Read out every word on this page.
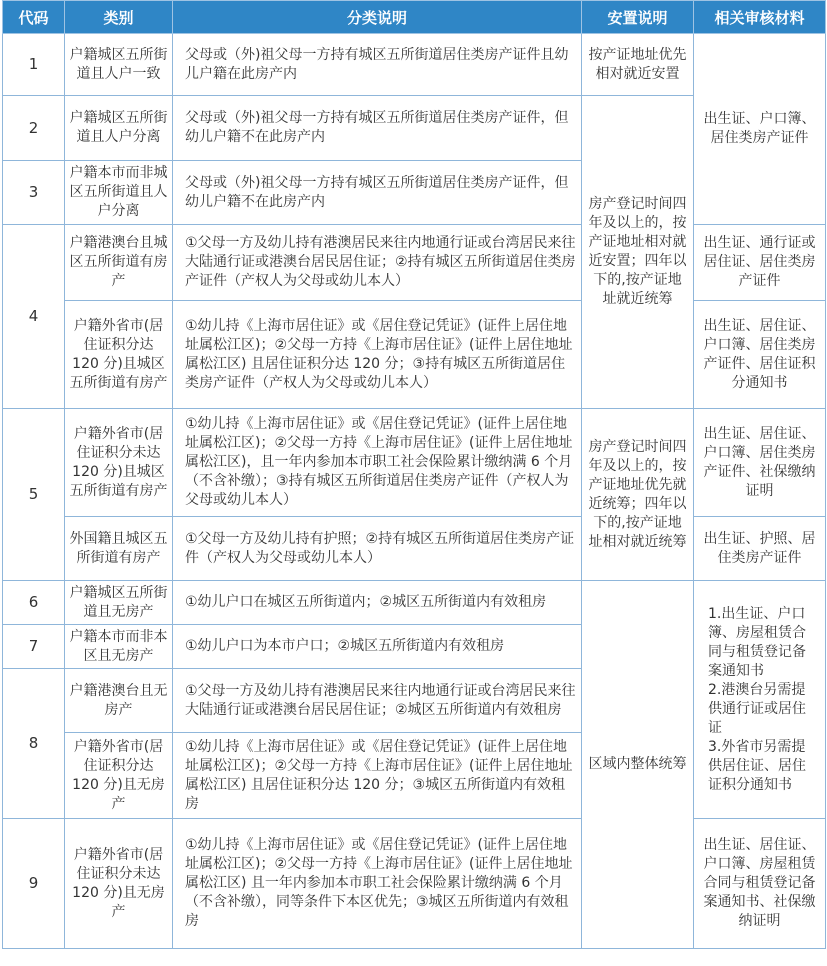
代码	类别	分类说明	安置说明	相关审核材料
1	户籍城区五所街道且人户一致	父母或（外)祖父母一方持有城区五所街道居住类房产证件且幼儿户籍在此房产内	按产证地址优先相对就近安置	出生证、户口簿、居住类房产证件
2	户籍城区五所街道且人户分离	父母或（外)祖父母一方持有城区五所街道居住类房产证件，但幼儿户籍不在此房产内	房产登记时间四年及以上的，按产证地址相对就近安置；四年以下的,按产证地址就近统筹	
3	户籍本市而非城区五所街道且人户分离	父母或（外)祖父母一方持有城区五所街道居住类房产证件，但幼儿户籍不在此房产内		
4	户籍港澳台且城区五所街道有房产	①父母一方及幼儿持有港澳居民来往内地通行证或台湾居民来往大陆通行证或港澳台居民居住证；②持有城区五所街道居住类房产证件（产权人为父母或幼儿本人）		出生证、通行证或居住证、居住类房产证件
	户籍外省市(居住证积分达 120 分)且城区五所街道有房产	①幼儿持《上海市居住证》或《居住登记凭证》(证件上居住地址属松江区)；②父母一方持《上海市居住证》(证件上居住地址属松江区) 且居住证积分达 120 分；③持有城区五所街道居住类房产证件（产权人为父母或幼儿本人）		出生证、居住证、户口簿、居住类房产证件、居住证积分通知书
5	户籍外省市(居住证积分未达 120 分)且城区五所街道有房产	①幼儿持《上海市居住证》或《居住登记凭证》(证件上居住地址属松江区)；②父母一方持《上海市居住证》(证件上居住地址属松江区)，且一年内参加本市职工社会保险累计缴纳满 6 个月（不含补缴）；③持有城区五所街道居住类房产证件（产权人为父母或幼儿本人）	房产登记时间四年及以上的，按产证地址优先就近统筹；四年以下的,按产证地址相对就近统筹	出生证、居住证、户口簿、居住类房产证件、社保缴纳证明
	外国籍且城区五所街道有房产	①父母一方及幼儿持有护照；②持有城区五所街道居住类房产证件（产权人为父母或幼儿本人）		出生证、护照、居住类房产证件
6	户籍城区五所街道且无房产	①幼儿户口在城区五所街道内；②城区五所街道内有效租房	区域内整体统筹	1.出生证、户口簿、房屋租赁合同与租赁登记备案通知书
2.港澳台另需提供通行证或居住证
3.外省市另需提供居住证、居住证积分通知书

7	户籍本市而非本区且无房产	①幼儿户口为本市户口；②城区五所街道内有效租房		
8	户籍港澳台且无房产	①父母一方及幼儿持有港澳居民来往内地通行证或台湾居民来往大陆通行证或港澳台居民居住证；②城区五所街道内有效租房		
	户籍外省市(居住证积分达 120 分)且无房产	①幼儿持《上海市居住证》或《居住登记凭证》(证件上居住地址属松江区)；②父母一方持《上海市居住证》(证件上居住地址属松江区) 且居住证积分达 120 分；③城区五所街道内有效租房		
9	户籍外省市(居住证积分未达 120 分)且无房产	①幼儿持《上海市居住证》或《居住登记凭证》(证件上居住地址属松江区)；②父母一方持《上海市居住证》(证件上居住地址属松江区) 且一年内参加本市职工社会保险累计缴纳满 6 个月（不含补缴），同等条件下本区优先；③城区五所街道内有效租房		出生证、居住证、户口簿、房屋租赁合同与租赁登记备案通知书、社保缴纳证明
